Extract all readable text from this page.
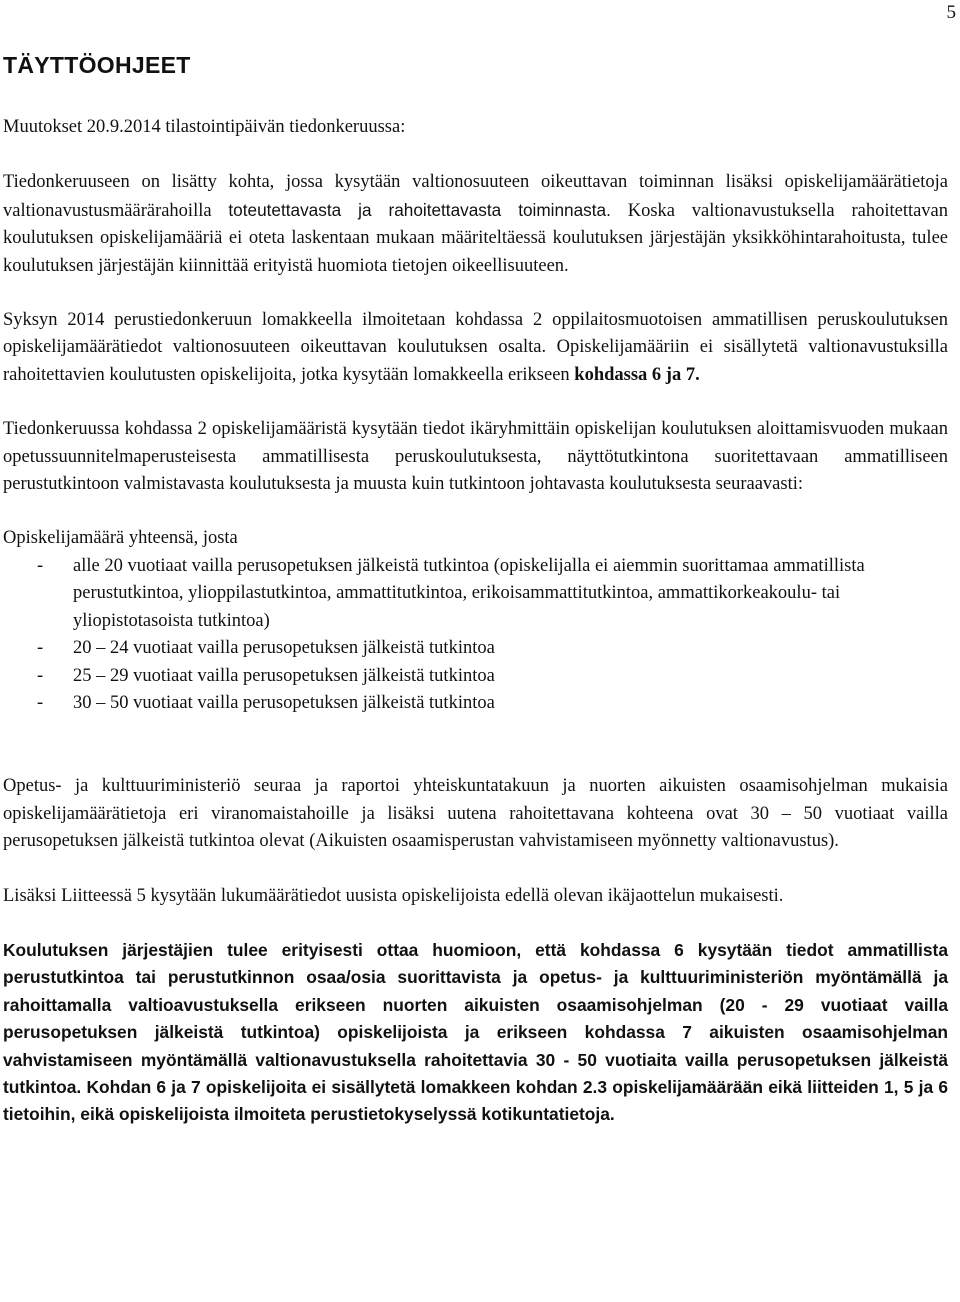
5
TÄYTTÖOHJEET

Muutokset 20.9.2014 tilastointipäivän tiedonkeruussa:

Tiedonkeruuseen on lisätty kohta, jossa kysytään valtionosuuteen oikeuttavan toiminnan lisäksi opiskelijamäärätietoja valtionavustusmäärärahoilla toteutettavasta ja rahoitettavasta toiminnasta. Koska valtionavustuksella rahoitettavan koulutuksen opiskelijamääriä ei oteta laskentaan mukaan määriteltäessä koulutuksen järjestäjän yksikköhintarahoitusta, tulee koulutuksen järjestäjän kiinnittää erityistä huomiota tietojen oikeellisuuteen.

Syksyn 2014 perustiedonkeruun lomakkeella ilmoitetaan kohdassa 2 oppilaitosmuotoisen ammatillisen peruskoulutuksen opiskelijamäärätiedot valtionosuuteen oikeuttavan koulutuksen osalta. Opiskelijamääriin ei sisällytetä valtionavustuksilla rahoitettavien koulutusten opiskelijoita, jotka kysytään lomakkeella erikseen kohdassa 6 ja 7.

Tiedonkeruussa kohdassa 2 opiskelijamääristä kysytään tiedot ikäryhmittäin opiskelijan koulutuksen aloittamisvuoden mukaan opetussuunnitelmaperusteisesta ammatillisesta peruskoulutuksesta, näyttötutkintona suoritettavaan ammatilliseen perustutkintoon valmistavasta koulutuksesta ja muusta kuin tutkintoon johtavasta koulutuksesta seuraavasti:

Opiskelijamäärä yhteensä, josta

- alle 20 vuotiaat vailla perusopetuksen jälkeistä tutkintoa (opiskelijalla ei aiemmin suorittamaa ammatillista perustutkintoa, ylioppilastutkintoa, ammattitutkintoa, erikoisammattitutkintoa, ammattikorkeakoulu- tai yliopistotasoista tutkintoa)
- 20 – 24 vuotiaat vailla perusopetuksen jälkeistä tutkintoa
- 25 – 29 vuotiaat vailla perusopetuksen jälkeistä tutkintoa
- 30 – 50 vuotiaat vailla perusopetuksen jälkeistä tutkintoa

Opetus- ja kulttuuriministeriö seuraa ja raportoi yhteiskuntatakuun ja nuorten aikuisten osaamisohjelman mukaisia opiskelijamäärätietoja eri viranomaistahoille ja lisäksi uutena rahoitettavana kohteena ovat 30 – 50 vuotiaat vailla perusopetuksen jälkeistä tutkintoa olevat (Aikuisten osaamisperustan vahvistamiseen myönnetty valtionavustus).

Lisäksi Liitteessä 5 kysytään lukumäärätiedot uusista opiskelijoista edellä olevan ikäjaottelun mukaisesti.

Koulutuksen järjestäjien tulee erityisesti ottaa huomioon, että kohdassa 6 kysytään tiedot ammatillista perustutkintoa tai perustutkinnon osaa/osia suorittavista ja opetus- ja kulttuuriministeriön myöntämällä ja rahoittamalla valtioavustuksella erikseen nuorten aikuisten osaamisohjelman (20 - 29 vuotiaat vailla perusopetuksen jälkeistä tutkintoa) opiskelijoista ja erikseen kohdassa 7 aikuisten osaamisohjelman vahvistamiseen myöntämällä valtionavustuksella rahoitettavia 30 - 50 vuotiaita vailla perusopetuksen jälkeistä tutkintoa. Kohdan 6 ja 7 opiskelijoita ei sisällytetä lomakkeen kohdan 2.3 opiskelijamäärään eikä liitteiden 1, 5 ja 6 tietoihin, eikä opiskelijoista ilmoiteta perustietokyselyssä kotikuntatietoja.
